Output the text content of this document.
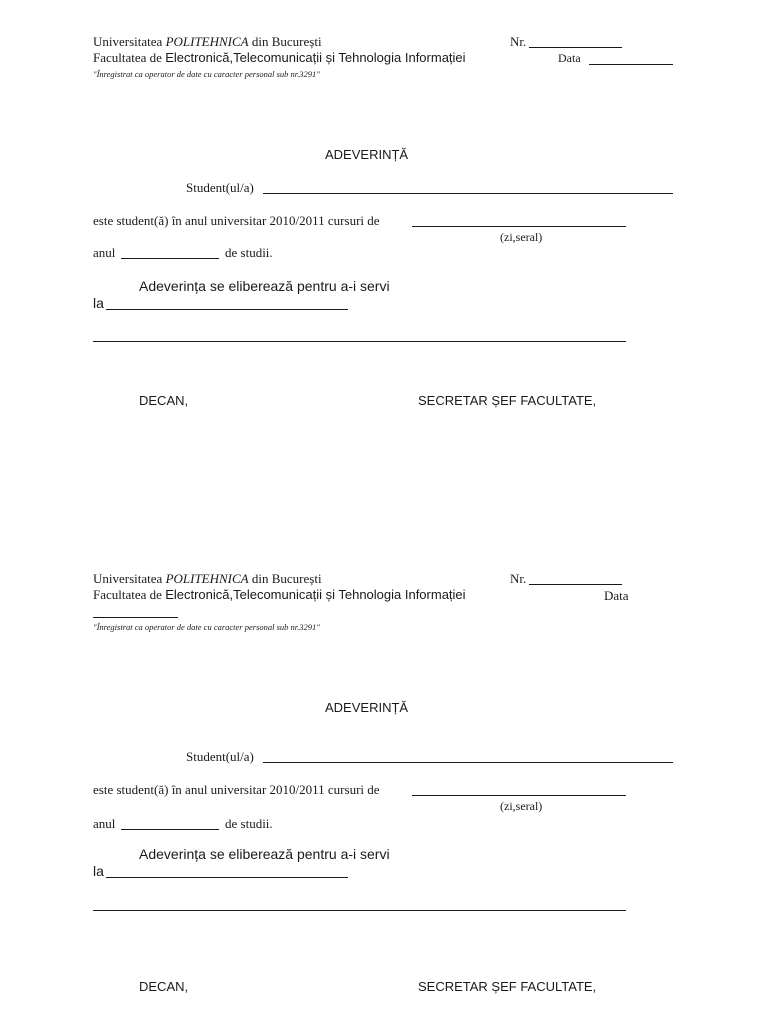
Universitatea POLITEHNICA din București	Nr.
Facultatea de Electronică,Telecomunicații și Tehnologia Informației	Data
"Înregistrat ca operator de date cu caracter personal sub nr.3291"
ADEVERINȚĂ
Student(ul/a)
este student(ă) în anul universitar 2010/2011 cursuri de
(zi,seral)
anul	de studii.
Adeverința se eliberează pentru a-i servi
la
DECAN,	SECRETAR ȘEF FACULTATE,
Universitatea POLITEHNICA din București	Nr.
Facultatea de Electronică,Telecomunicații și Tehnologia Informației	Data
"Înregistrat ca operator de date cu caracter personal sub nr.3291"
ADEVERINȚĂ
Student(ul/a)
este student(ă) în anul universitar 2010/2011 cursuri de
(zi,seral)
anul	de studii.
Adeverința se eliberează pentru a-i servi
la
DECAN,	SECRETAR ȘEF FACULTATE,
